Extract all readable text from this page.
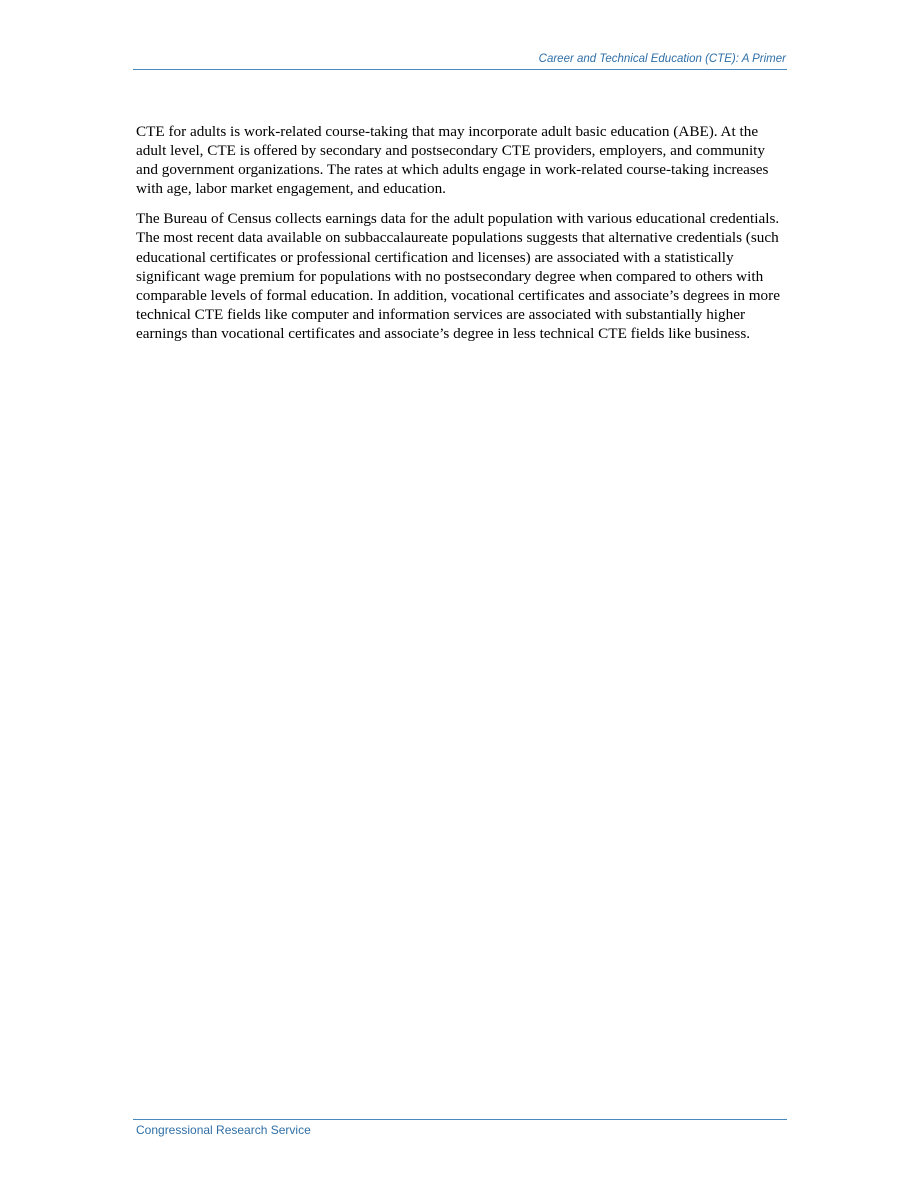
Career and Technical Education (CTE): A Primer

CTE for adults is work-related course-taking that may incorporate adult basic education (ABE). At the adult level, CTE is offered by secondary and postsecondary CTE providers, employers, and community and government organizations. The rates at which adults engage in work-related course-taking increases with age, labor market engagement, and education.

The Bureau of Census collects earnings data for the adult population with various educational credentials. The most recent data available on subbaccalaureate populations suggests that alternative credentials (such educational certificates or professional certification and licenses) are associated with a statistically significant wage premium for populations with no postsecondary degree when compared to others with comparable levels of formal education. In addition, vocational certificates and associate’s degrees in more technical CTE fields like computer and information services are associated with substantially higher earnings than vocational certificates and associate’s degree in less technical CTE fields like business.

Congressional Research Service
